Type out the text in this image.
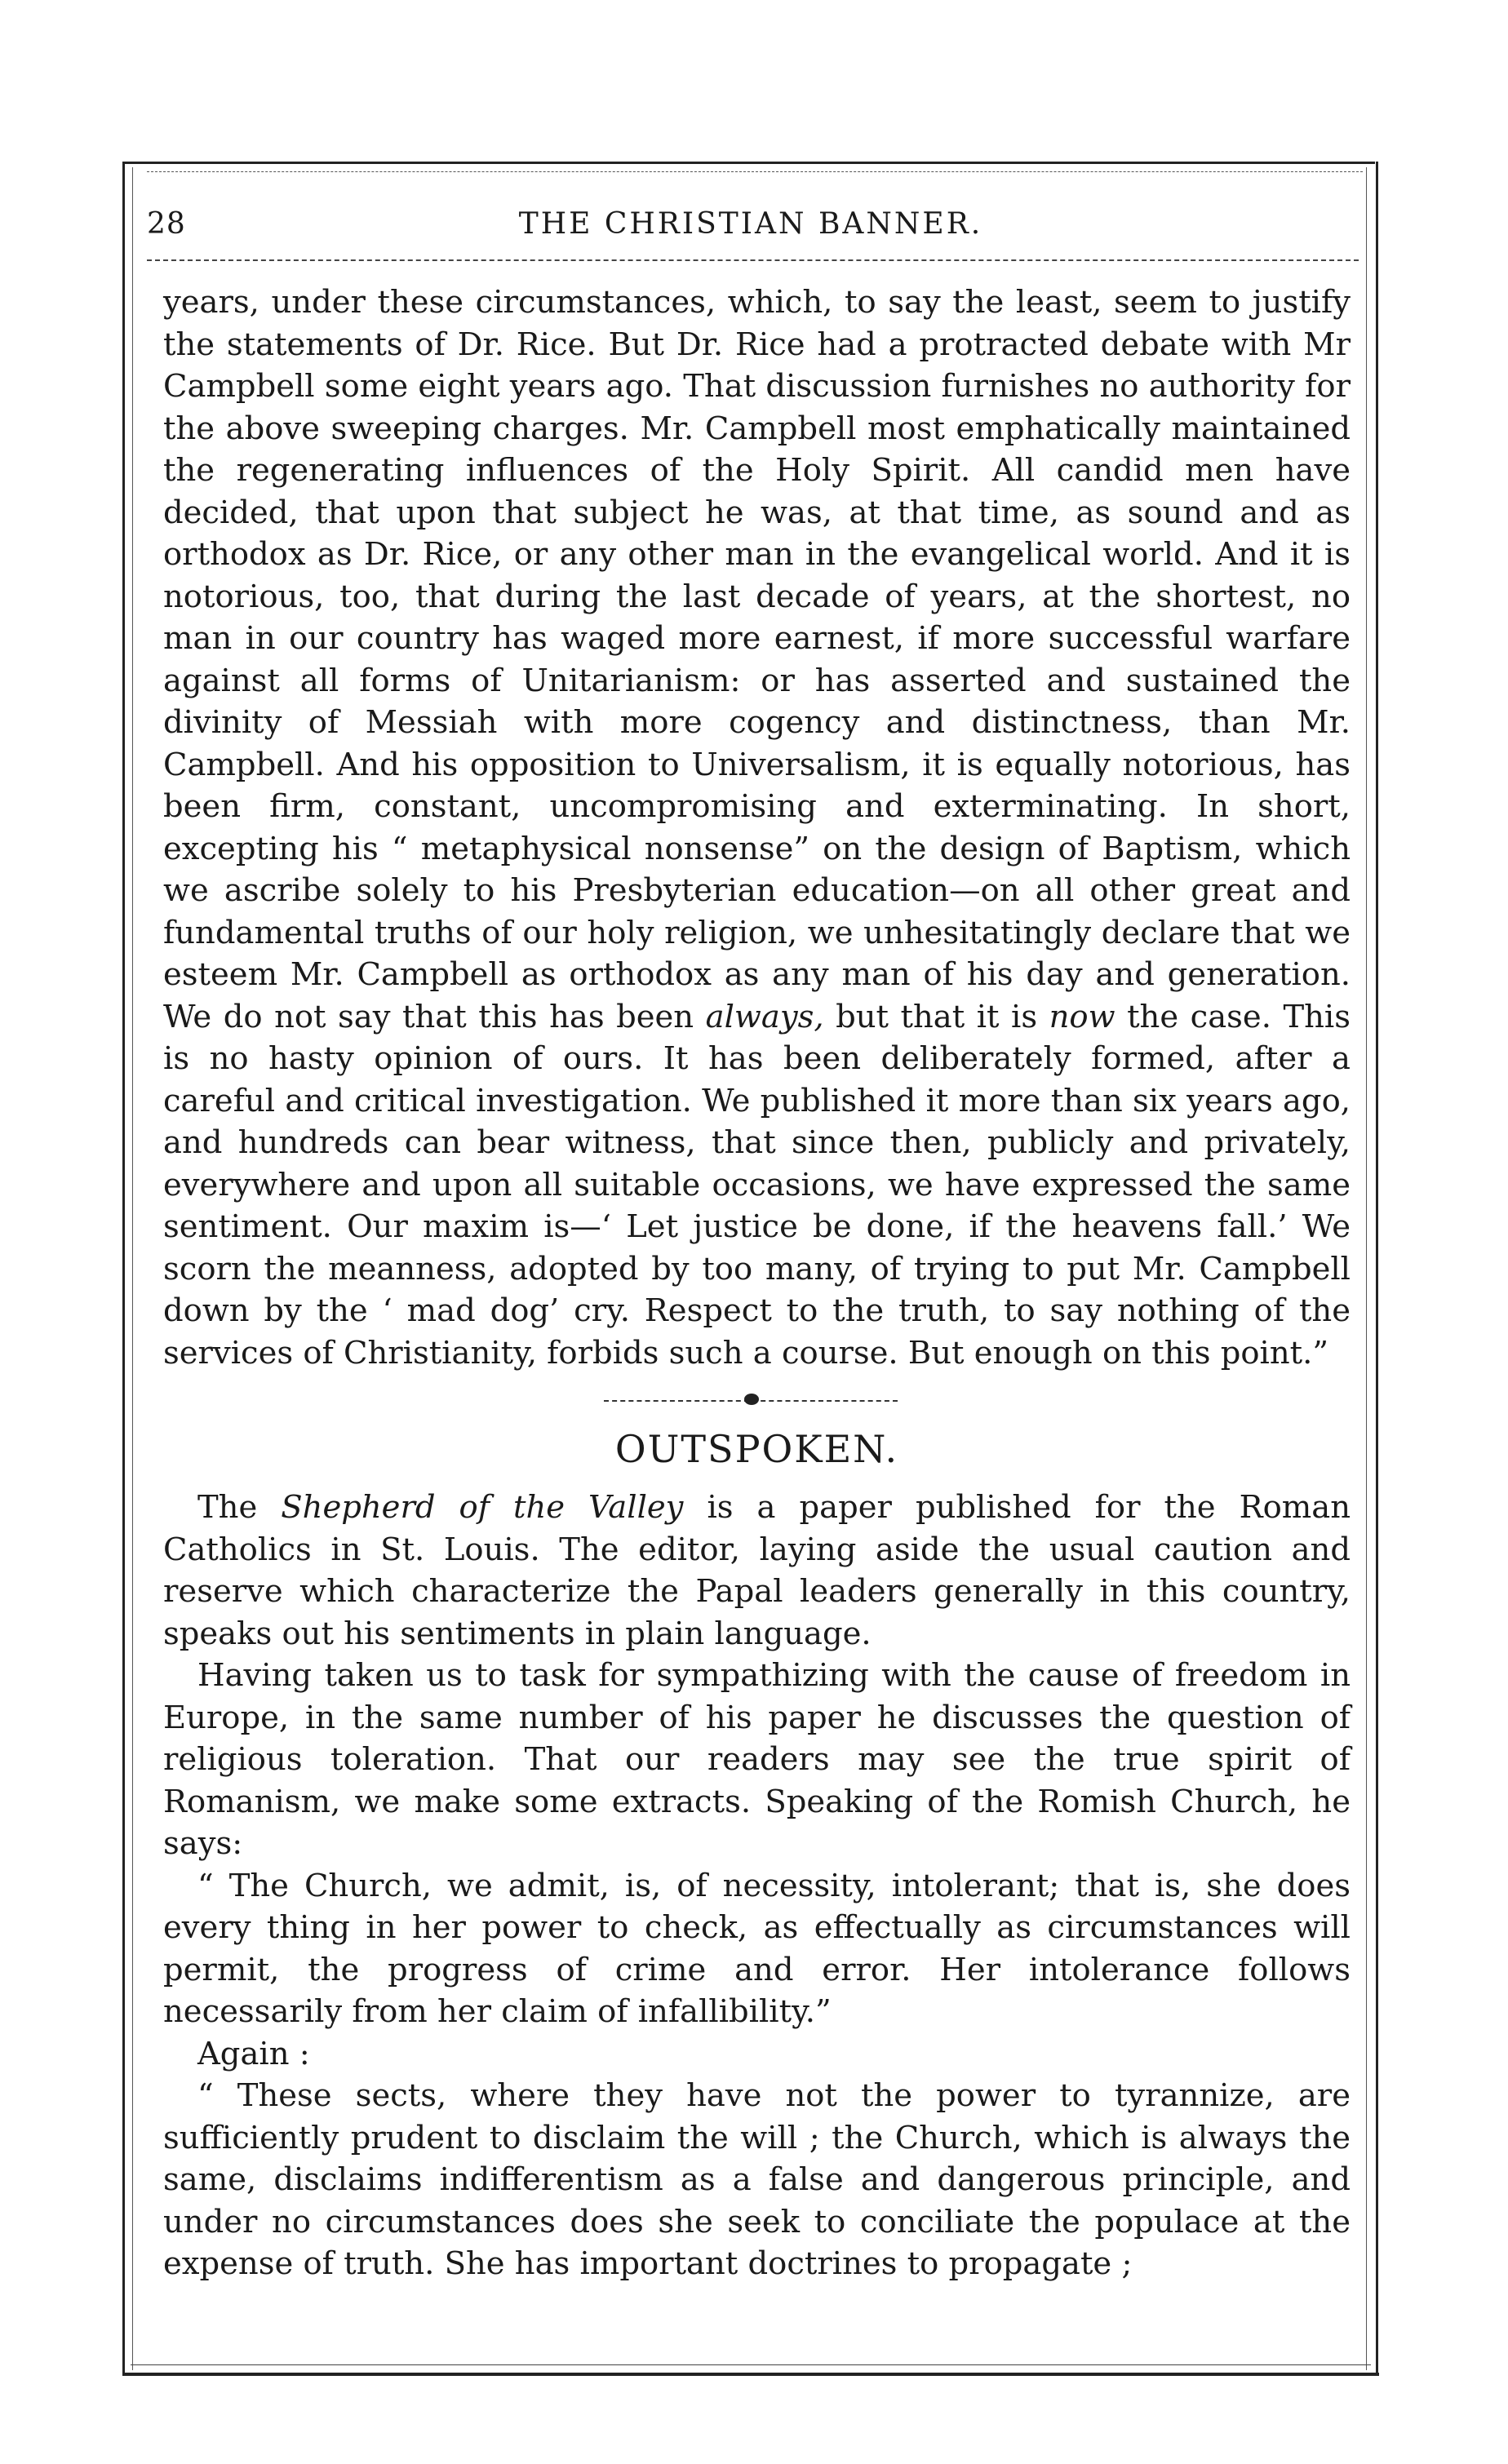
28	THE CHRISTIAN BANNER.

years, under these circumstances, which, to say the least, seem to justify the statements of Dr. Rice. But Dr. Rice had a protracted debate with Mr Campbell some eight years ago. That discussion furnishes no authority for the above sweeping charges. Mr. Campbell most emphatically maintained the regenerating influences of the Holy Spirit. All candid men have decided, that upon that subject he was, at that time, as sound and as orthodox as Dr. Rice, or any other man in the evangelical world. And it is notorious, too, that during the last decade of years, at the shortest, no man in our country has waged more earnest, if more successful warfare against all forms of Unitarianism: or has asserted and sustained the divinity of Messiah with more cogency and distinctness, than Mr. Campbell. And his opposition to Universalism, it is equally notorious, has been firm, constant, uncompromising and exterminating. In short, excepting his “ metaphysical nonsense” on the design of Baptism, which we ascribe solely to his Presbyterian education—on all other great and fundamental truths of our holy religion, we unhesitatingly declare that we esteem Mr. Campbell as orthodox as any man of his day and generation. We do not say that this has been always, but that it is now the case. This is no hasty opinion of ours. It has been deliberately formed, after a careful and critical investigation. We published it more than six years ago, and hundreds can bear witness, that since then, publicly and privately, everywhere and upon all suitable occasions, we have expressed the same sentiment. Our maxim is—‘ Let justice be done, if the heavens fall.’ We scorn the meanness, adopted by too many, of trying to put Mr. Campbell down by the ‘ mad dog’ cry. Respect to the truth, to say nothing of the services of Christianity, forbids such a course. But enough on this point.”

OUTSPOKEN.

The Shepherd of the Valley is a paper published for the Roman Catholics in St. Louis. The editor, laying aside the usual caution and reserve which characterize the Papal leaders generally in this country, speaks out his sentiments in plain language.

Having taken us to task for sympathizing with the cause of freedom in Europe, in the same number of his paper he discusses the question of religious toleration. That our readers may see the true spirit of Romanism, we make some extracts. Speaking of the Romish Church, he says:

“ The Church, we admit, is, of necessity, intolerant; that is, she does every thing in her power to check, as effectually as circumstances will permit, the progress of crime and error. Her intolerance follows necessarily from her claim of infallibility.”

Again :

“ These sects, where they have not the power to tyrannize, are sufficiently prudent to disclaim the will ; the Church, which is always the same, disclaims indifferentism as a false and dangerous principle, and under no circumstances does she seek to conciliate the populace at the expense of truth. She has important doctrines to propagate ;
